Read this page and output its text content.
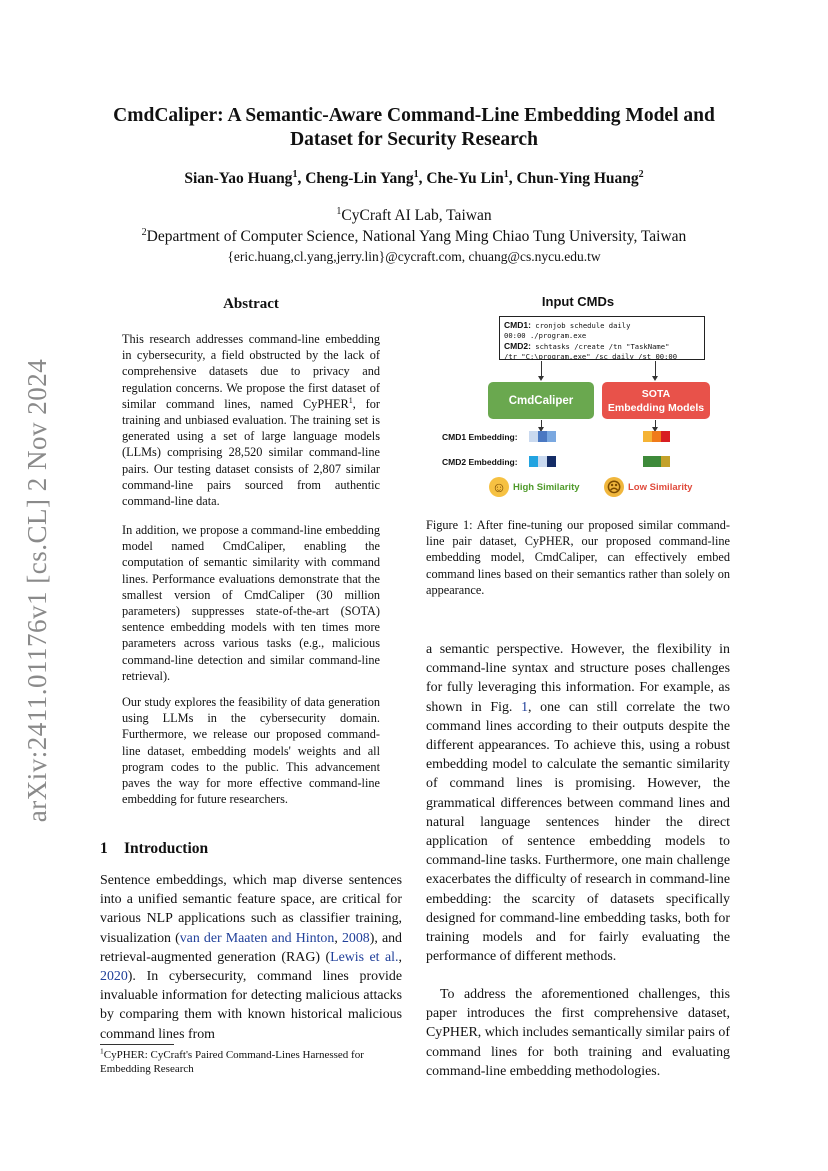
arXiv:2411.01176v1 [cs.CL] 2 Nov 2024
CmdCaliper: A Semantic-Aware Command-Line Embedding Model and Dataset for Security Research
Sian-Yao Huang$^1$, Cheng-Lin Yang$^1$, Che-Yu Lin$^1$, Chun-Ying Huang$^2$
$^1$CyCraft AI Lab, Taiwan
$^2$Department of Computer Science, National Yang Ming Chiao Tung University, Taiwan
{eric.huang,cl.yang,jerry.lin}@cycraft.com, chuang@cs.nycu.edu.tw
Abstract

This research addresses command-line embedding in cybersecurity, a field obstructed by the lack of comprehensive datasets due to privacy and regulation concerns. We propose the first dataset of similar command lines, named CyPHER$^1$, for training and unbiased evaluation. The training set is generated using a set of large language models (LLMs) comprising 28,520 similar command-line pairs. Our testing dataset consists of 2,807 similar command-line pairs sourced from authentic command-line data.

In addition, we propose a command-line embedding model named CmdCaliper, enabling the computation of semantic similarity with command lines. Performance evaluations demonstrate that the smallest version of CmdCaliper (30 million parameters) suppresses state-of-the-art (SOTA) sentence embedding models with ten times more parameters across various tasks (e.g., malicious command-line detection and similar command-line retrieval).

Our study explores the feasibility of data generation using LLMs in the cybersecurity domain. Furthermore, we release our proposed command-line dataset, embedding models' weights and all program codes to the public. This advancement paves the way for more effective command-line embedding for future researchers.

1 Introduction

Sentence embeddings, which map diverse sentences into a unified semantic feature space, are critical for various NLP applications such as classifier training, visualization (van der Maaten and Hinton, 2008), and retrieval-augmented generation (RAG) (Lewis et al., 2020). In cybersecurity, command lines provide invaluable information for detecting malicious attacks by comparing them with known historical malicious command lines from

$^1$CyPHER: CyCraft's Paired Command-Lines Harnessed for Embedding Research
Input CMDs
CMD1: cronjob schedule daily
00:00 ./program.exe
CMD2: schtasks /create /tn "TaskName"
/tr "C:\program.exe" /sc daily /st 00:00
CmdCaliper
SOTA
Embedding Models
CMD1 Embedding:
CMD2 Embedding:
☺ High Similarity ☹ Low Similarity

Figure 1: After fine-tuning our proposed similar command-line pair dataset, CyPHER, our proposed command-line embedding model, CmdCaliper, can effectively embed command lines based on their semantics rather than solely on appearance.

a semantic perspective. However, the flexibility in command-line syntax and structure poses challenges for fully leveraging this information. For example, as shown in Fig. 1, one can still correlate the two command lines according to their outputs despite the different appearances. To achieve this, using a robust embedding model to calculate the semantic similarity of command lines is promising. However, the grammatical differences between command lines and natural language sentences hinder the direct application of sentence embedding models to command-line tasks. Furthermore, one main challenge exacerbates the difficulty of research in command-line embedding: the scarcity of datasets specifically designed for command-line embedding tasks, both for training models and for fairly evaluating the performance of different methods.

To address the aforementioned challenges, this paper introduces the first comprehensive dataset, CyPHER, which includes semantically similar pairs of command lines for both training and evaluating command-line embedding methodologies.
